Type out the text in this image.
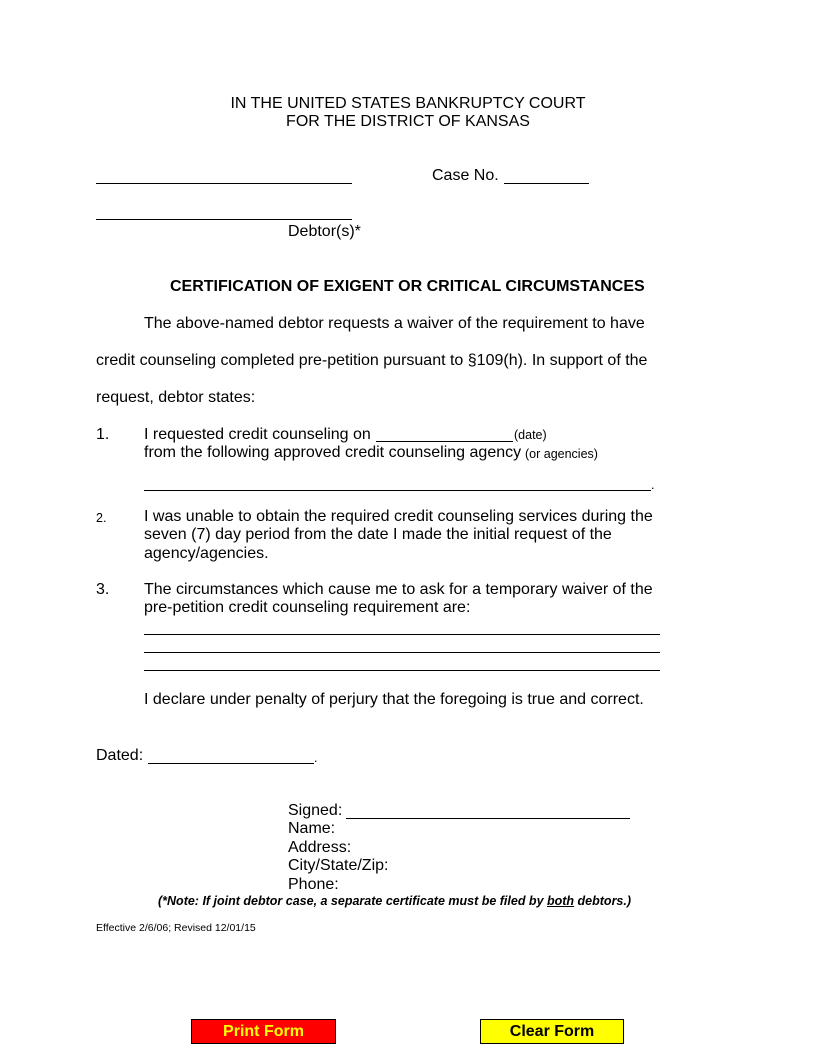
IN THE UNITED STATES BANKRUPTCY COURT
FOR THE DISTRICT OF KANSAS
Case No.
Debtor(s)*
CERTIFICATION OF EXIGENT OR CRITICAL CIRCUMSTANCES
The above-named debtor requests a waiver of the requirement to have
credit counseling completed pre-petition pursuant to §109(h). In support of the
request, debtor states:
1. I requested credit counseling on	(date)
from the following approved credit counseling agency (or agencies)
.
2. I was unable to obtain the required credit counseling services during the
seven (7) day period from the date I made the initial request of the
agency/agencies.
3. The circumstances which cause me to ask for a temporary waiver of the
pre-petition credit counseling requirement are:
I declare under penalty of perjury that the foregoing is true and correct.
Dated:	.
Signed:
Name:
Address:
City/State/Zip:
Phone:
(*Note: If joint debtor case, a separate certificate must be filed by both debtors.)
Effective 2/6/06; Revised 12/01/15
Print Form	Clear Form
